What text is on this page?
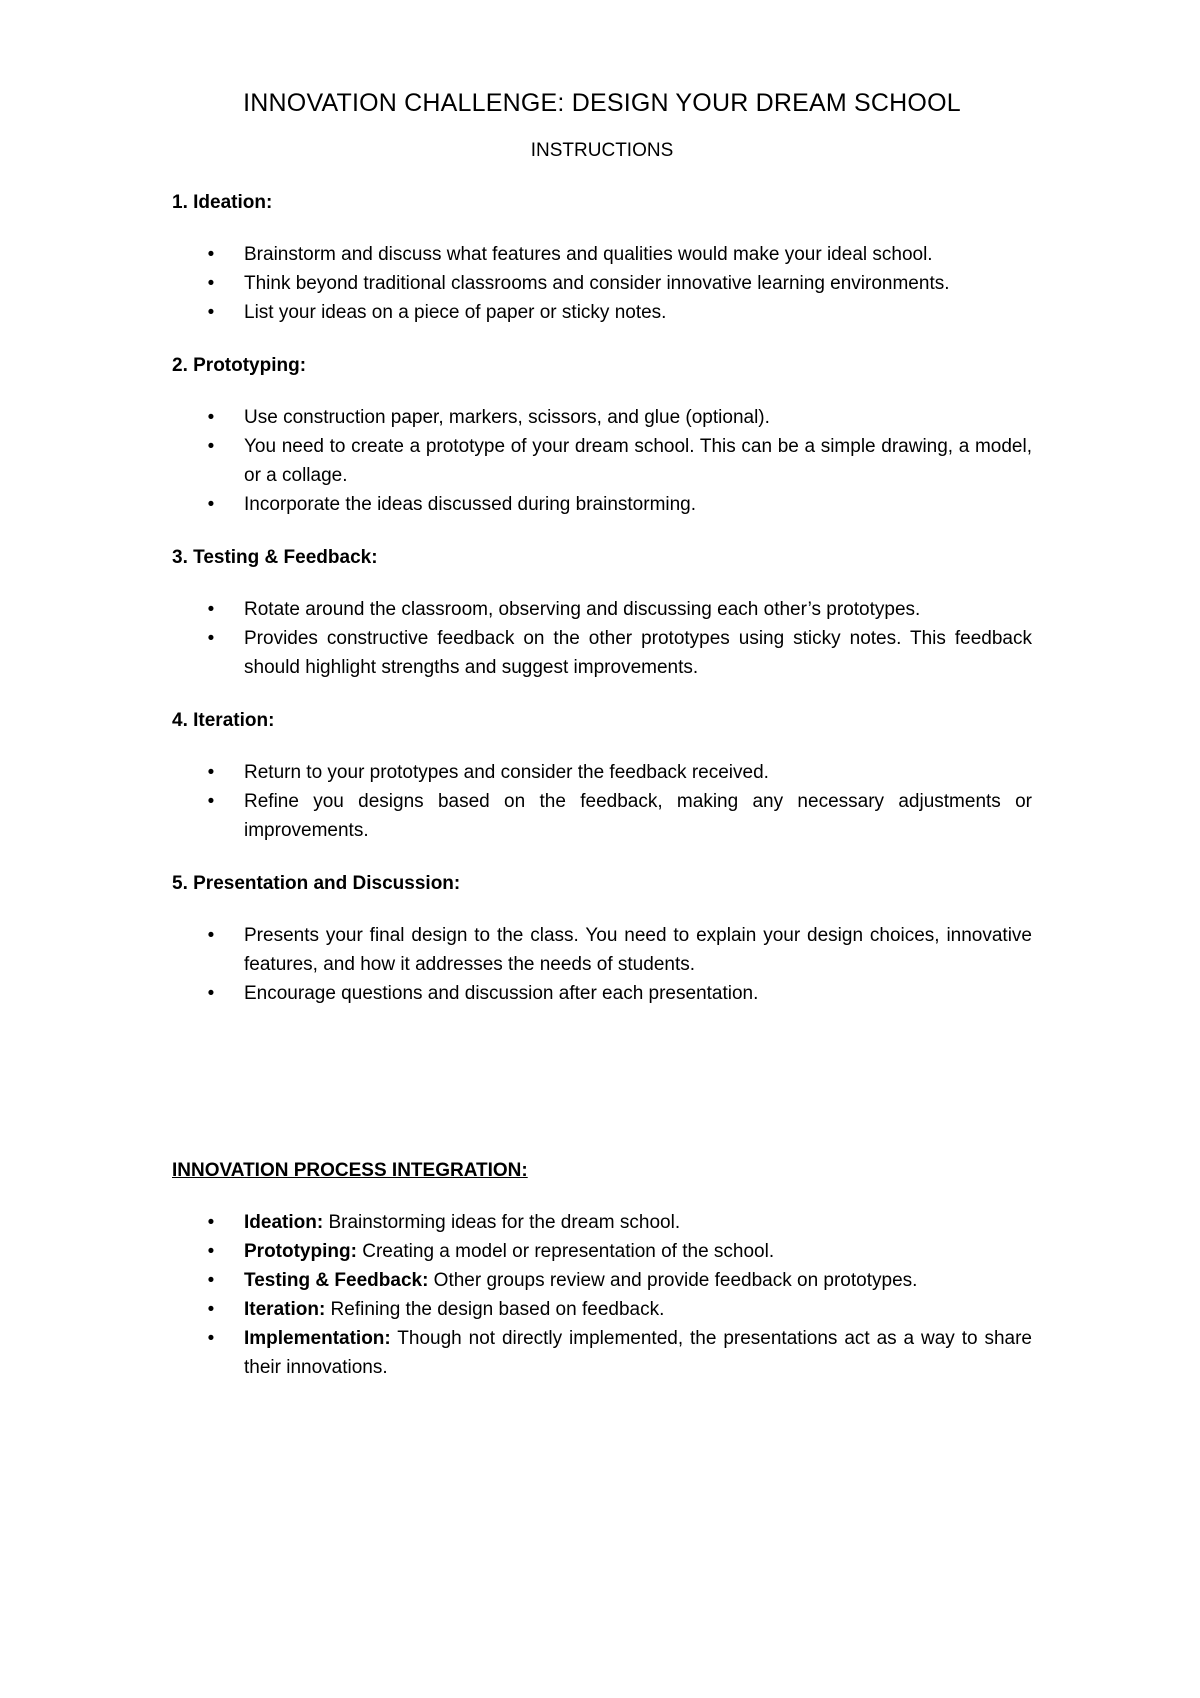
INNOVATION CHALLENGE: DESIGN YOUR DREAM SCHOOL
INSTRUCTIONS
1. Ideation:
• Brainstorm and discuss what features and qualities would make your ideal school.
• Think beyond traditional classrooms and consider innovative learning environments.
• List your ideas on a piece of paper or sticky notes.
2. Prototyping:
• Use construction paper, markers, scissors, and glue (optional).
• You need to create a prototype of your dream school. This can be a simple drawing, a model, or a collage.
• Incorporate the ideas discussed during brainstorming.
3. Testing & Feedback:
• Rotate around the classroom, observing and discussing each other’s prototypes.
• Provides constructive feedback on the other prototypes using sticky notes. This feedback should highlight strengths and suggest improvements.
4. Iteration:
• Return to your prototypes and consider the feedback received.
• Refine you designs based on the feedback, making any necessary adjustments or improvements.
5. Presentation and Discussion:
• Presents your final design to the class. You need to explain your design choices, innovative features, and how it addresses the needs of students.
• Encourage questions and discussion after each presentation.
INNOVATION PROCESS INTEGRATION:
• Ideation: Brainstorming ideas for the dream school.
• Prototyping: Creating a model or representation of the school.
• Testing & Feedback: Other groups review and provide feedback on prototypes.
• Iteration: Refining the design based on feedback.
• Implementation: Though not directly implemented, the presentations act as a way to share their innovations.
